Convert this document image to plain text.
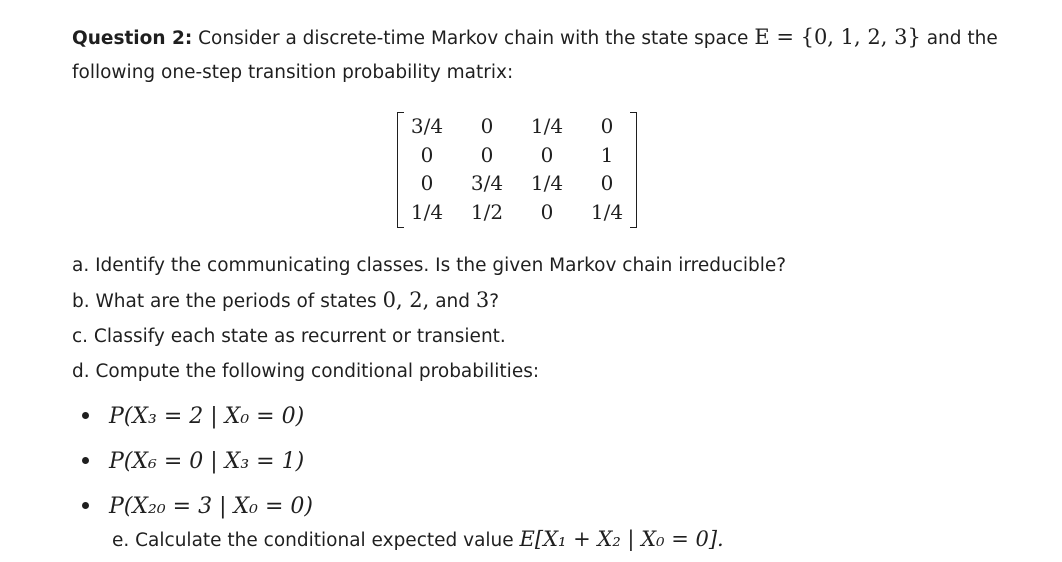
Question 2: Consider a discrete-time Markov chain with the state space E = {0, 1, 2, 3} and the

following one-step transition probability matrix:

3/4	0	1/4	0
0	0	0	1
0	3/4	1/4	0
1/4	1/2	0	1/4

a. Identify the communicating classes. Is the given Markov chain irreducible?

b. What are the periods of states 0, 2, and 3?

c. Classify each state as recurrent or transient.

d. Compute the following conditional probabilities:

P(X₃ = 2 | X₀ = 0)
P(X₆ = 0 | X₃ = 1)
P(X₂₀ = 3 | X₀ = 0)

e. Calculate the conditional expected value E[X₁ + X₂ | X₀ = 0].
